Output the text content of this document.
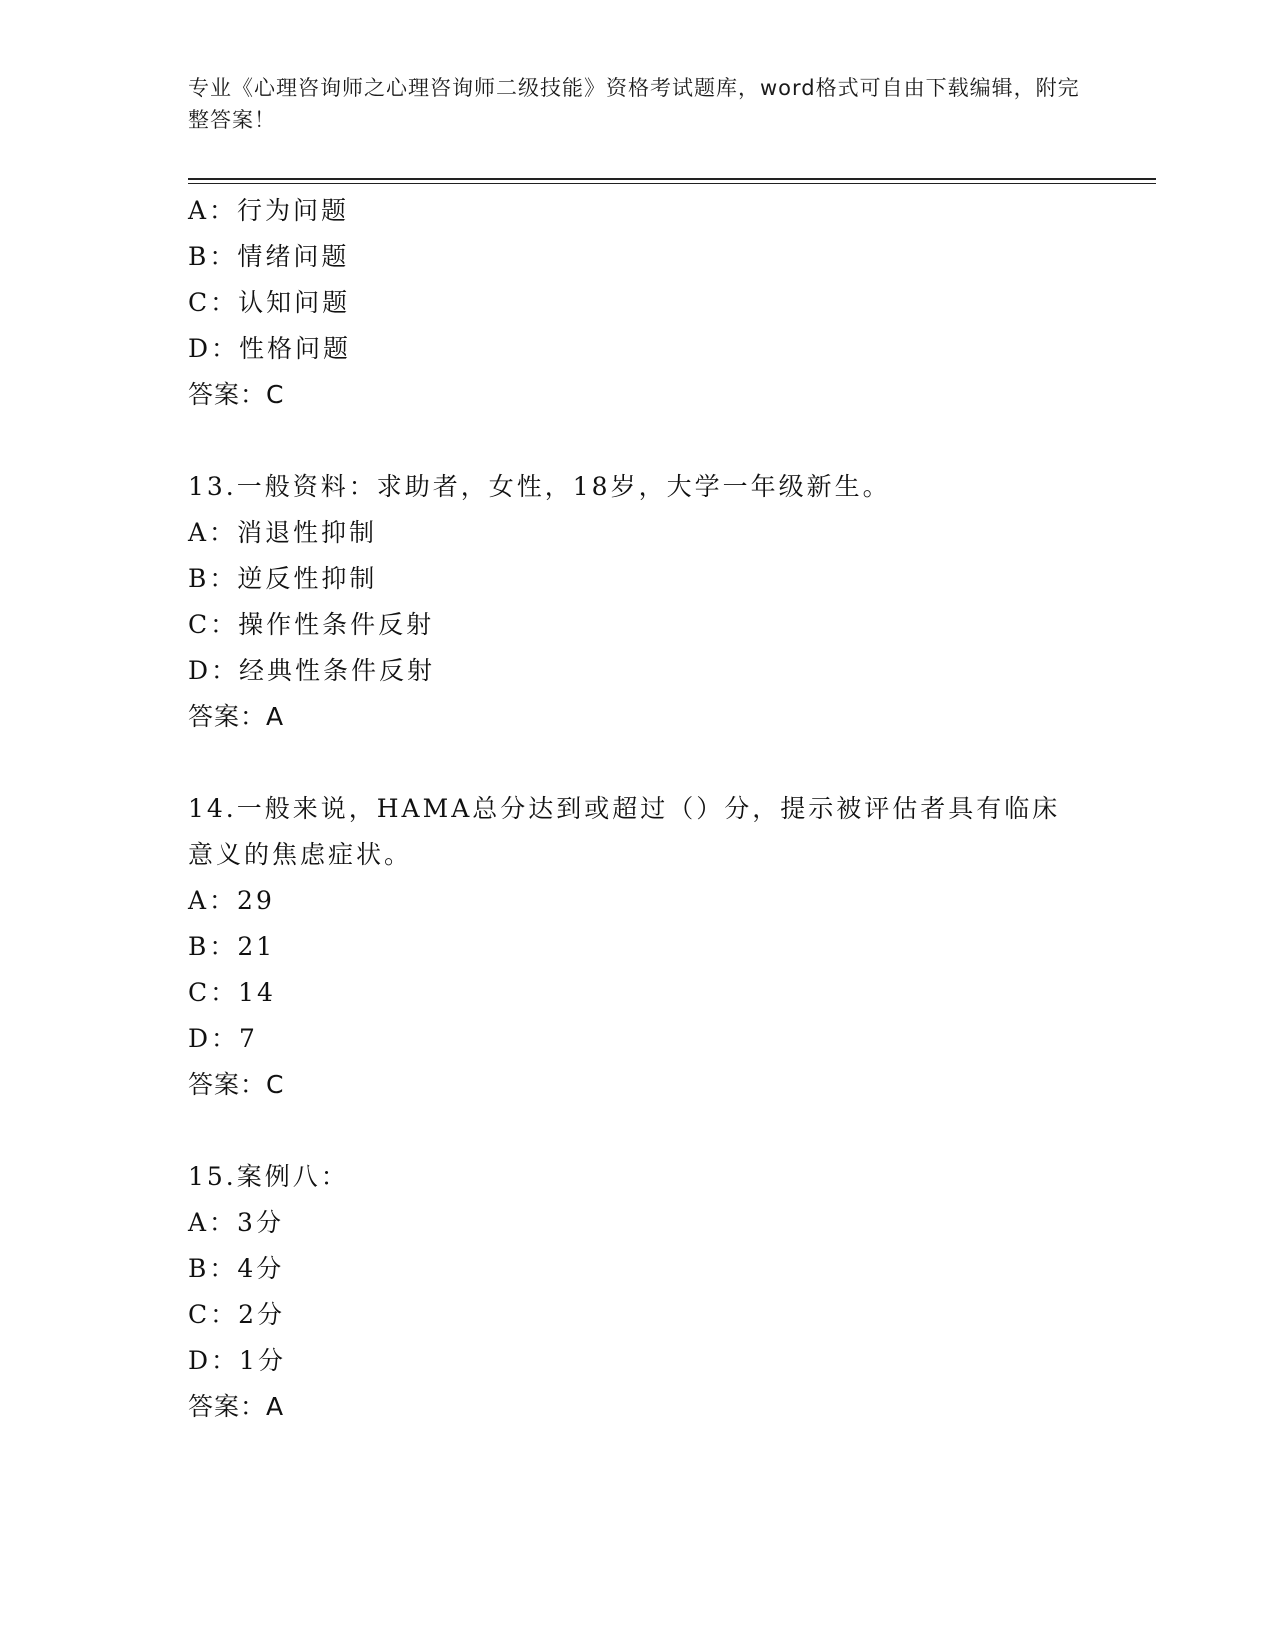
专业《心理咨询师之心理咨询师二级技能》资格考试题库，word格式可自由下载编辑，附完整答案！
A：行为问题
B：情绪问题
C：认知问题
D：性格问题
答案：C
13.一般资料：求助者，女性，18岁，大学一年级新生。
A：消退性抑制
B：逆反性抑制
C：操作性条件反射
D：经典性条件反射
答案：A
14.一般来说，HAMA总分达到或超过（）分，提示被评估者具有临床意义的焦虑症状。
A：29
B：21
C：14
D：7
答案：C
15.案例八：
A：3分
B：4分
C：2分
D：1分
答案：A
